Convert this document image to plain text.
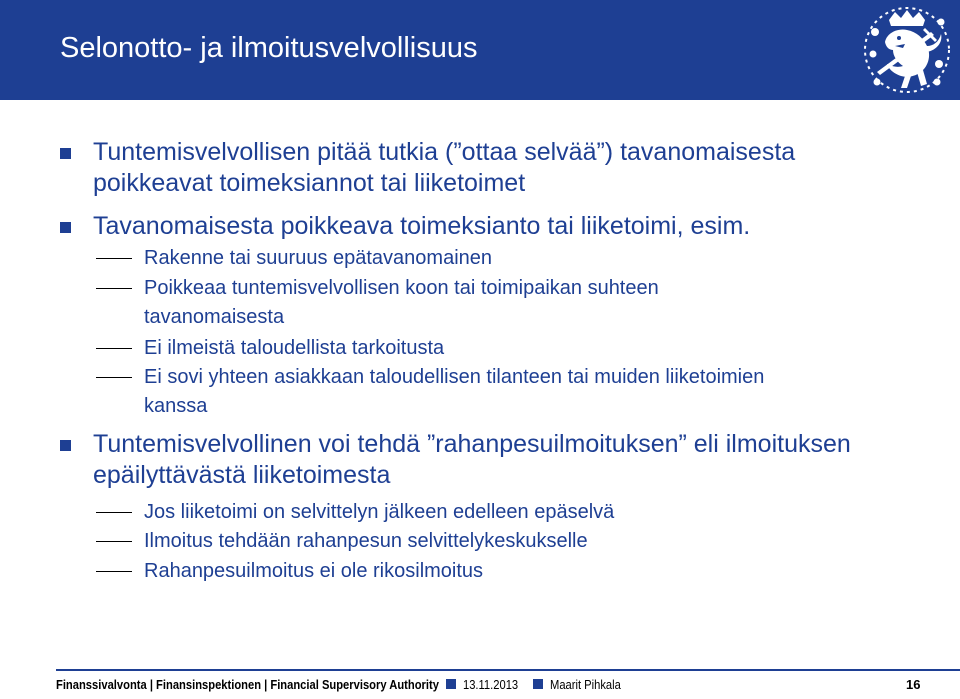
Selonotto- ja ilmoitusvelvollisuus
Tuntemisvelvollisen pitää tutkia (”ottaa selvää”) tavanomaisesta
poikkeavat toimeksiannot tai liiketoimet
Tavanomaisesta poikkeava toimeksianto tai liiketoimi, esim.
Rakenne tai suuruus epätavanomainen
Poikkeaa tuntemisvelvollisen koon tai toimipaikan suhteen
tavanomaisesta
Ei ilmeistä taloudellista tarkoitusta
Ei sovi yhteen asiakkaan taloudellisen tilanteen tai muiden liiketoimien
kanssa
Tuntemisvelvollinen voi tehdä ”rahanpesuilmoituksen” eli ilmoituksen
epäilyttävästä liiketoimesta
Jos liiketoimi on selvittelyn jälkeen edelleen epäselvä
Ilmoitus tehdään rahanpesun selvittelykeskukselle
Rahanpesuilmoitus ei ole rikosilmoitus
Finanssivalvonta | Finansinspektionen | Financial Supervisory Authority 13.11.2013 Maarit Pihkala	16
